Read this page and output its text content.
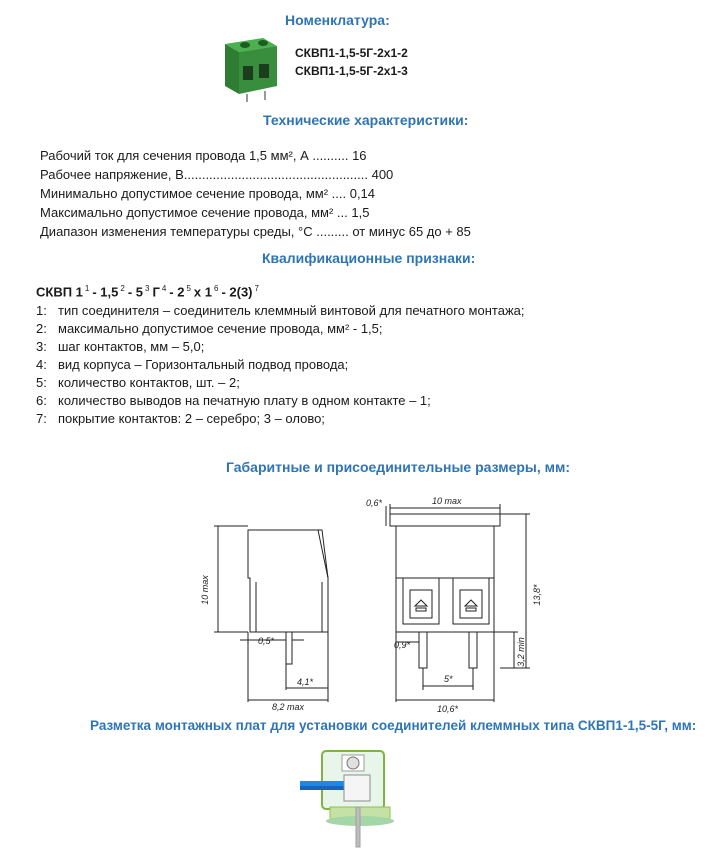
Номенклатура:
СКВП1-1,5-5Г-2х1-2
СКВП1-1,5-5Г-2х1-3
Технические характеристики:
Рабочий ток для сечения провода 1,5 мм², А .......... 16
Рабочее напряжение, В................................................... 400
Минимально допустимое сечение провода, мм² .... 0,14
Максимально допустимое сечение провода, мм² ... 1,5
Диапазон изменения температуры среды, °С ......... от минус 65 до + 85
Квалификационные признаки:
СКВП 1 $^1$ - 1,5 $^2$ - 5 $^3$ Г $^4$ - 2 $^5$ х 1 $^6$ - 2(3) $^7$
1: тип соединителя – соединитель клеммный винтовой для печатного монтажа;
2: максимально допустимое сечение провода, мм² - 1,5;
3: шаг контактов, мм – 5,0;
4: вид корпуса – Горизонтальный подвод провода;
5: количество контактов, шт. – 2;
6: количество выводов на печатную плату в одном контакте – 1;
7: покрытие контактов: 2 – серебро; 3 – олово;
Габаритные и присоединительные размеры, мм:
10 max
0,5*
4,1*
8,2 max
0,6*	10 max
13,8*
3,2 min
0,9*
5*
10,6*
Разметка монтажных плат для установки соединителей клеммных типа СКВП1-1,5-5Г, мм:
